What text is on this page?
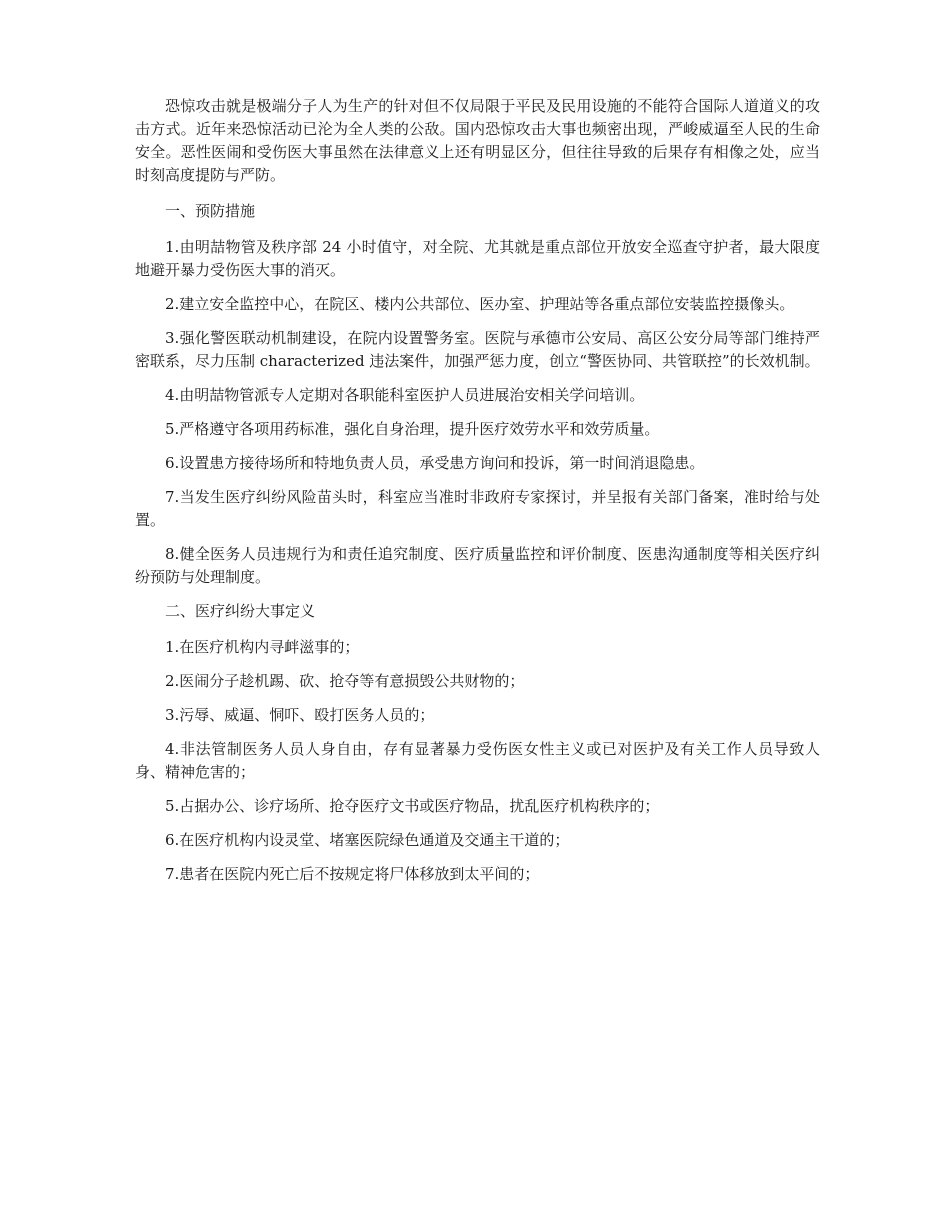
恐惊攻击就是极端分子人为生产的针对但不仅局限于平民及民用设施的不能符合国际人道道义的攻击方式。近年来恐惊活动已沦为全人类的公敌。国内恐惊攻击大事也频密出现，严峻威逼至人民的生命安全。恶性医闹和受伤医大事虽然在法律意义上还有明显区分，但往往导致的后果存有相像之处，应当时刻高度提防与严防。

一、预防措施

1.由明喆物管及秩序部 24 小时值守，对全院、尤其就是重点部位开放安全巡查守护者，最大限度地避开暴力受伤医大事的消灭。

2.建立安全监控中心，在院区、楼内公共部位、医办室、护理站等各重点部位安装监控摄像头。

3.强化警医联动机制建设，在院内设置警务室。医院与承德市公安局、高区公安分局等部门维持严密联系，尽力压制 characterized 违法案件，加强严惩力度，创立“警医协同、共管联控”的长效机制。

4.由明喆物管派专人定期对各职能科室医护人员进展治安相关学问培训。

5.严格遵守各项用药标准，强化自身治理，提升医疗效劳水平和效劳质量。

6.设置患方接待场所和特地负责人员，承受患方询问和投诉，第一时间消退隐患。

7.当发生医疗纠纷风险苗头时，科室应当准时非政府专家探讨，并呈报有关部门备案，准时给与处置。

8.健全医务人员违规行为和责任追究制度、医疗质量监控和评价制度、医患沟通制度等相关医疗纠纷预防与处理制度。

二、医疗纠纷大事定义

1.在医疗机构内寻衅滋事的；

2.医闹分子趁机踢、砍、抢夺等有意损毁公共财物的；

3.污辱、威逼、恫吓、殴打医务人员的；

4.非法管制医务人员人身自由，存有显著暴力受伤医女性主义或已对医护及有关工作人员导致人身、精神危害的；

5.占据办公、诊疗场所、抢夺医疗文书或医疗物品，扰乱医疗机构秩序的；

6.在医疗机构内设灵堂、堵塞医院绿色通道及交通主干道的；

7.患者在医院内死亡后不按规定将尸体移放到太平间的；
